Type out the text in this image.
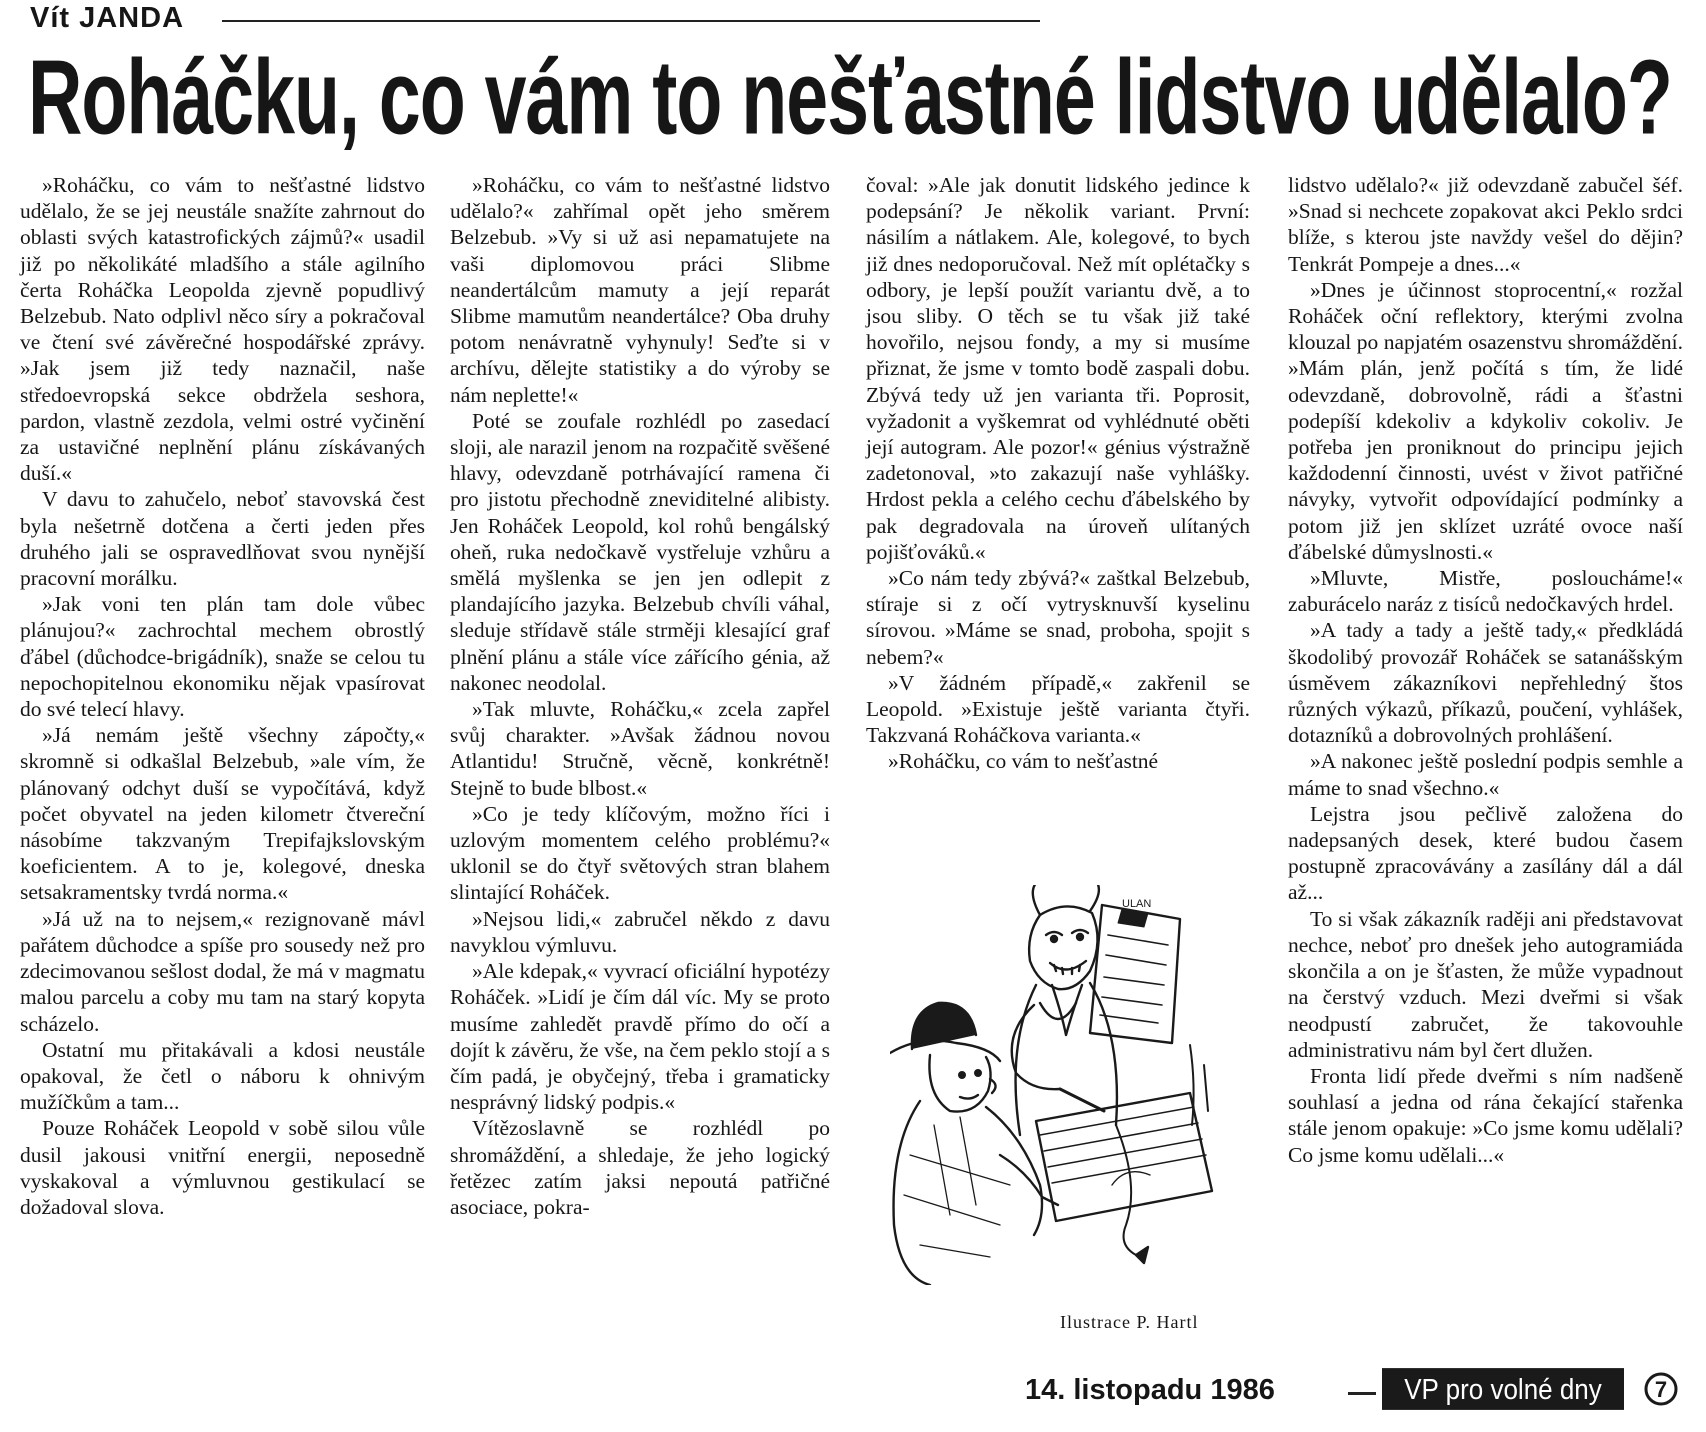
Vít JANDA
Roháčku, co vám to nešťastné lidstvo udělalo?

»Roháčku, co vám to nešťastné lidstvo udělalo, že se jej neustále snažíte zahrnout do oblasti svých katastrofických zájmů?« usadil již po několikáté mladšího a stále agilního čerta Roháčka Leopolda zjevně popudlivý Belzebub. Nato odplivl něco síry a pokračoval ve čtení své závěrečné hospodářské zprávy. »Jak jsem již tedy naznačil, naše středoevropská sekce obdržela seshora, pardon, vlastně zezdola, velmi ostré vyčinění za ustavičné neplnění plánu získávaných duší.«

V davu to zahučelo, neboť stavovská čest byla nešetrně dotčena a čerti jeden přes druhého jali se ospravedlňovat svou nynější pracovní morálku.

»Jak voni ten plán tam dole vůbec plánujou?« zachrochtal mechem obrostlý ďábel (důchodce-brigádník), snaže se celou tu nepochopitelnou ekonomiku nějak vpasírovat do své telecí hlavy.

»Já nemám ještě všechny zápočty,« skromně si odkašlal Belzebub, »ale vím, že plánovaný odchyt duší se vypočítává, když počet obyvatel na jeden kilometr čtvereční násobíme takzvaným Trepifajkslovským koeficientem. A to je, kolegové, dneska setsakramentsky tvrdá norma.«

»Já už na to nejsem,« rezignovaně mávl pařátem důchodce a spíše pro sousedy než pro zdecimovanou sešlost dodal, že má v magmatu malou parcelu a coby mu tam na starý kopyta scházelo.

Ostatní mu přitakávali a kdosi neustále opakoval, že četl o náboru k ohnivým mužíčkům a tam...

Pouze Roháček Leopold v sobě silou vůle dusil jakousi vnitřní energii, neposedně vyskakoval a výmluvnou gestikulací se dožadoval slova.

»Roháčku, co vám to nešťastné lidstvo udělalo?« zahřímal opět jeho směrem Belzebub. »Vy si už asi nepamatujete na vaši diplomovou práci Slibme neandertálcům mamuty a její reparát Slibme mamutům neandertálce? Oba druhy potom nenávratně vyhynuly! Seďte si v archívu, dělejte statistiky a do výroby se nám neplette!«

Poté se zoufale rozhlédl po zasedací sloji, ale narazil jenom na rozpačitě svěšené hlavy, odevzdaně potrhávající ramena či pro jistotu přechodně zneviditelné alibisty. Jen Roháček Leopold, kol rohů bengálský oheň, ruka nedočkavě vystřeluje vzhůru a smělá myšlenka se jen jen odlepit z plandajícího jazyka. Belzebub chvíli váhal, sleduje střídavě stále strměji klesající graf plnění plánu a stále více zářícího génia, až nakonec neodolal.

»Tak mluvte, Roháčku,« zcela zapřel svůj charakter. »Avšak žádnou novou Atlantidu! Stručně, věcně, konkrétně! Stejně to bude blbost.«

»Co je tedy klíčovým, možno říci i uzlovým momentem celého problému?« uklonil se do čtyř světových stran blahem slintající Roháček.

»Nejsou lidi,« zabručel někdo z davu navyklou výmluvu.

»Ale kdepak,« vyvrací oficiální hypotézy Roháček. »Lidí je čím dál víc. My se proto musíme zahledět pravdě přímo do očí a dojít k závěru, že vše, na čem peklo stojí a s čím padá, je obyčejný, třeba i gramaticky nesprávný lidský podpis.«

Vítězoslavně se rozhlédl po shromáždění, a shledaje, že jeho logický řetězec zatím jaksi nepoutá patřičné asociace, pokra-

čoval: »Ale jak donutit lidského jedince k podepsání? Je několik variant. První: násilím a nátlakem. Ale, kolegové, to bych již dnes nedoporučoval. Než mít oplétačky s odbory, je lepší použít variantu dvě, a to jsou sliby. O těch se tu však již také hovořilo, nejsou fondy, a my si musíme přiznat, že jsme v tomto bodě zaspali dobu. Zbývá tedy už jen varianta tři. Poprosit, vyžadonit a vyškemrat od vyhlédnuté oběti její autogram. Ale pozor!« génius výstražně zadetonoval, »to zakazují naše vyhlášky. Hrdost pekla a celého cechu ďábelského by pak degradovala na úroveň ulítaných pojišťováků.«

»Co nám tedy zbývá?« zaštkal Belzebub, stíraje si z očí vytrysknuvší kyselinu sírovou. »Máme se snad, proboha, spojit s nebem?«

»V žádném případě,« zakřenil se Leopold. »Existuje ještě varianta čtyři. Takzvaná Roháčkova varianta.«

»Roháčku, co vám to nešťastné

lidstvo udělalo?« již odevzdaně zabučel šéf. »Snad si nechcete zopakovat akci Peklo srdci blíže, s kterou jste navždy vešel do dějin? Tenkrát Pompeje a dnes...«

»Dnes je účinnost stoprocentní,« rozžal Roháček oční reflektory, kterými zvolna klouzal po napjatém osazenstvu shromáždění. »Mám plán, jenž počítá s tím, že lidé odevzdaně, dobrovolně, rádi a šťastni podepíší kdekoliv a kdykoliv cokoliv. Je potřeba jen proniknout do principu jejich každodenní činnosti, uvést v život patřičné návyky, vytvořit odpovídající podmínky a potom již jen sklízet uzráté ovoce naší ďábelské důmyslnosti.«

»Mluvte, Mistře, posloucháme!« zaburácelo naráz z tisíců nedočkavých hrdel.

»A tady a tady a ještě tady,« předkládá škodolibý provozář Roháček se satanášským úsměvem zákazníkovi nepřehledný štos různých výkazů, příkazů, poučení, vyhlášek, dotazníků a dobrovolných prohlášení.

»A nakonec ještě poslední podpis semhle a máme to snad všechno.«

Lejstra jsou pečlivě založena do nadepsaných desek, které budou časem postupně zpracovávány a zasílány dál a dál až...

To si však zákazník raději ani představovat nechce, neboť pro dnešek jeho autogramiáda skončila a on je šťasten, že může vypadnout na čerstvý vzduch. Mezi dveřmi si však neodpustí zabručet, že takovouhle administrativu nám byl čert dlužen.

Fronta lidí přede dveřmi s ním nadšeně souhlasí a jedna od rána čekající stařenka stále jenom opakuje: »Co jsme komu udělali? Co jsme komu udělali...«

ULAN
Ilustrace P. Hartl
14. listopadu 1986	VP pro volné dny	7
